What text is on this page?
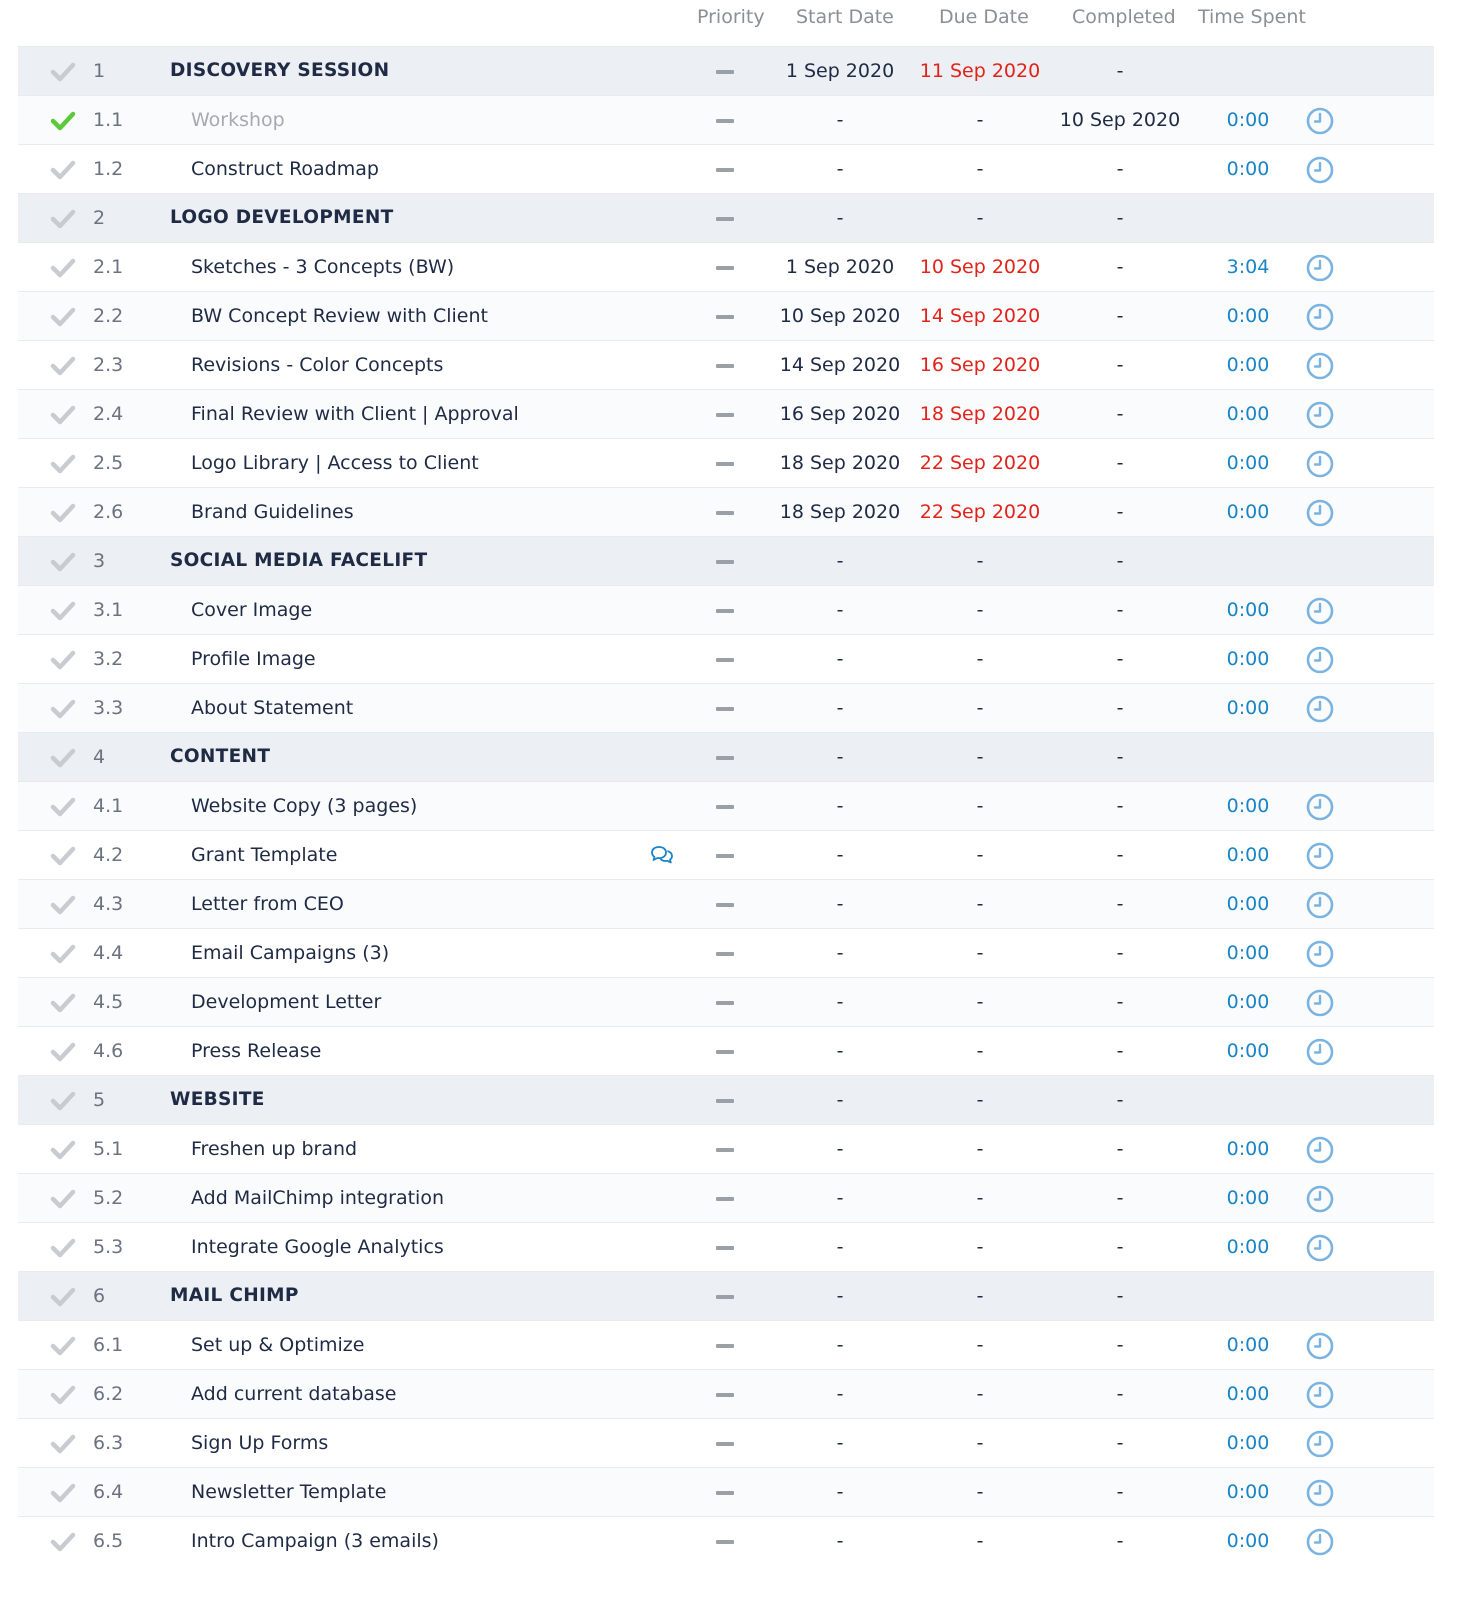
Priority Start Date Due Date Completed Time Spent
1	DISCOVERY SESSION	1 Sep 2020	11 Sep 2020	-
1.1	Workshop	-	-	10 Sep 2020	0:00
1.2	Construct Roadmap	-	-	-	0:00
2	LOGO DEVELOPMENT	-	-	-
2.1	Sketches - 3 Concepts (BW)	1 Sep 2020	10 Sep 2020	-	3:04
2.2	BW Concept Review with Client	10 Sep 2020	14 Sep 2020	-	0:00
2.3	Revisions - Color Concepts	14 Sep 2020	16 Sep 2020	-	0:00
2.4	Final Review with Client | Approval	16 Sep 2020	18 Sep 2020	-	0:00
2.5	Logo Library | Access to Client	18 Sep 2020	22 Sep 2020	-	0:00
2.6	Brand Guidelines	18 Sep 2020	22 Sep 2020	-	0:00
3	SOCIAL MEDIA FACELIFT	-	-	-
3.1	Cover Image	-	-	-	0:00
3.2	Profile Image	-	-	-	0:00
3.3	About Statement	-	-	-	0:00
4	CONTENT	-	-	-
4.1	Website Copy (3 pages)	-	-	-	0:00
4.2	Grant Template	-	-	-	0:00
4.3	Letter from CEO	-	-	-	0:00
4.4	Email Campaigns (3)	-	-	-	0:00
4.5	Development Letter	-	-	-	0:00
4.6	Press Release	-	-	-	0:00
5	WEBSITE	-	-	-
5.1	Freshen up brand	-	-	-	0:00
5.2	Add MailChimp integration	-	-	-	0:00
5.3	Integrate Google Analytics	-	-	-	0:00
6	MAIL CHIMP	-	-	-
6.1	Set up & Optimize	-	-	-	0:00
6.2	Add current database	-	-	-	0:00
6.3	Sign Up Forms	-	-	-	0:00
6.4	Newsletter Template	-	-	-	0:00
6.5	Intro Campaign (3 emails)	-	-	-	0:00
